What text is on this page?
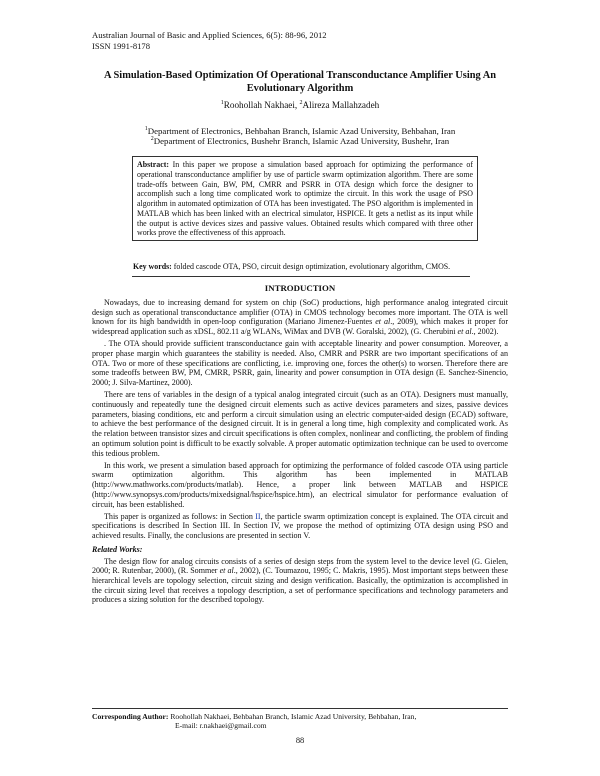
Australian Journal of Basic and Applied Sciences, 6(5): 88-96, 2012
ISSN 1991-8178
A Simulation-Based Optimization Of Operational Transconductance Amplifier Using An Evolutionary Algorithm
$^1$Roohollah Nakhaei, $^2$Alireza Mallahzadeh
$^1$Department of Electronics, Behbahan Branch, Islamic Azad University, Behbahan, Iran
$^2$Department of Electronics, Bushehr Branch, Islamic Azad University, Bushehr, Iran
Abstract: In this paper we propose a simulation based approach for optimizing the performance of operational transconductance amplifier by use of particle swarm optimization algorithm. There are some trade-offs between Gain, BW, PM, CMRR and PSRR in OTA design which force the designer to accomplish such a long time complicated work to optimize the circuit. In this work the usage of PSO algorithm in automated optimization of OTA has been investigated. The PSO algorithm is implemented in MATLAB which has been linked with an electrical simulator, HSPICE. It gets a netlist as its input while the output is active devices sizes and passive values. Obtained results which compared with three other works prove the effectiveness of this approach.
Key words: folded cascode OTA, PSO, circuit design optimization, evolutionary algorithm, CMOS.
INTRODUCTION

Nowadays, due to increasing demand for system on chip (SoC) productions, high performance analog integrated circuit design such as operational transconductance amplifier (OTA) in CMOS technology becomes more important. The OTA is well known for its high bandwidth in open-loop configuration (Mariano Jimenez-Fuentes et al., 2009), which makes it proper for widespread application such as xDSL, 802.11 a/g WLANs, WiMax and DVB (W. Goralski, 2002), (G. Cherubini et al., 2002).

. The OTA should provide sufficient transconductance gain with acceptable linearity and power consumption. Moreover, a proper phase margin which guarantees the stability is needed. Also, CMRR and PSRR are two important specifications of an OTA. Two or more of these specifications are conflicting, i.e. improving one, forces the other(s) to worsen. Therefore there are some tradeoffs between BW, PM, CMRR, PSRR, gain, linearity and power consumption in OTA design (E. Sanchez-Sinencio, 2000; J. Silva-Martinez, 2000).

There are tens of variables in the design of a typical analog integrated circuit (such as an OTA). Designers must manually, continuously and repeatedly tune the designed circuit elements such as active devices parameters and sizes, passive devices parameters, biasing conditions, etc and perform a circuit simulation using an electric computer-aided design (ECAD) software, to achieve the best performance of the designed circuit. It is in general a long time, high complexity and complicated work. As the relation between transistor sizes and circuit specifications is often complex, nonlinear and conflicting, the problem of finding an optimum solution point is difficult to be exactly solvable. A proper automatic optimization technique can be used to overcome this tedious problem.

In this work, we present a simulation based approach for optimizing the performance of folded cascode OTA using particle swarm optimization algorithm. This algorithm has been implemented in MATLAB (http://www.mathworks.com/products/matlab). Hence, a proper link between MATLAB and HSPICE (http://www.synopsys.com/products/mixedsignal/hspice/hspice.htm), an electrical simulator for performance evaluation of circuit, has been established.

This paper is organized as follows: in Section II, the particle swarm optimization concept is explained. The OTA circuit and specifications is described In Section III. In Section IV, we propose the method of optimizing OTA design using PSO and achieved results. Finally, the conclusions are presented in section V.

Related Works:

The design flow for analog circuits consists of a series of design steps from the system level to the device level (G. Gielen, 2000; R. Rutenbar, 2000), (R. Sommer et al., 2002), (C. Toumazou, 1995; C. Makris, 1995). Most important steps between these hierarchical levels are topology selection, circuit sizing and design verification. Basically, the optimization is accomplished in the circuit sizing level that receives a topology description, a set of performance specifications and technology parameters and produces a sizing solution for the described topology.

Corresponding Author: Roohollah Nakhaei, Behbahan Branch, Islamic Azad University, Behbahan, Iran,
E-mail: r.nakhaei@gmail.com
88
